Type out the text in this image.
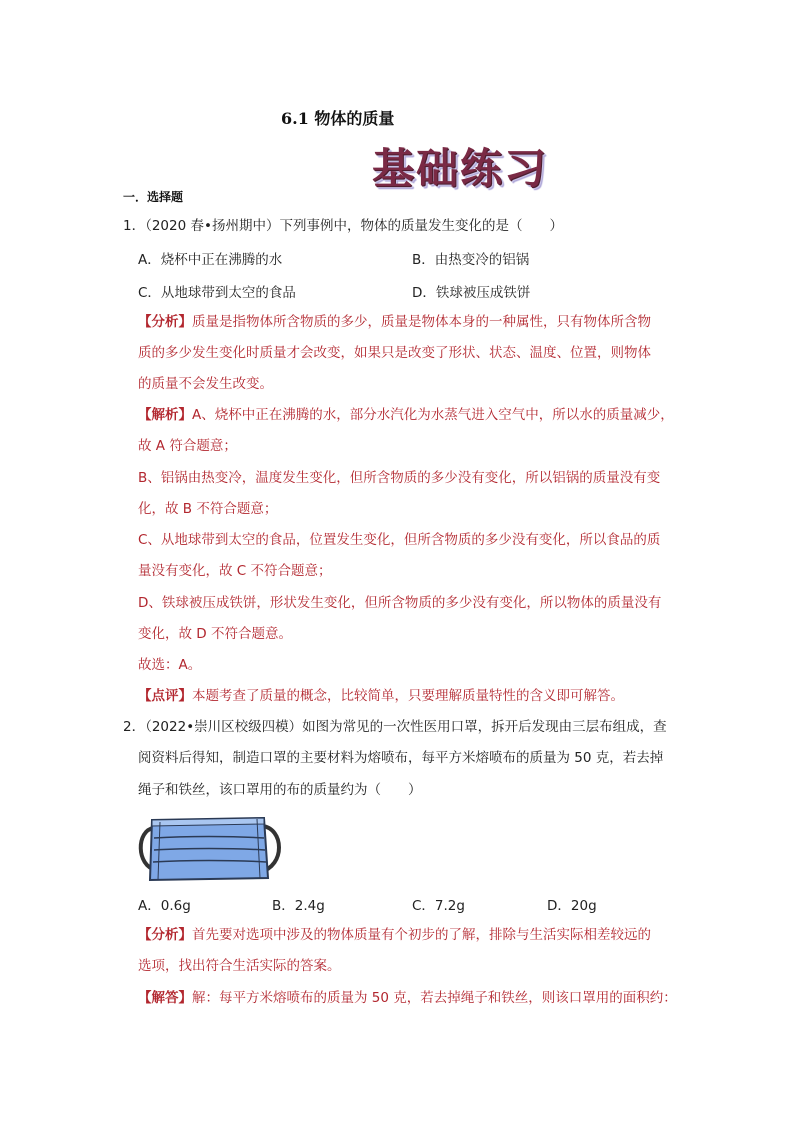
6.1 物体的质量
基础练习
一．选择题
1．（2020 春•扬州期中）下列事例中，物体的质量发生变化的是（　　）
A．烧杯中正在沸腾的水	B．由热变冷的铝锅
C．从地球带到太空的食品	D．铁球被压成铁饼
【分析】质量是指物体所含物质的多少，质量是物体本身的一种属性，只有物体所含物
质的多少发生变化时质量才会改变，如果只是改变了形状、状态、温度、位置，则物体
的质量不会发生改变。
【解析】A、烧杯中正在沸腾的水，部分水汽化为水蒸气进入空气中，所以水的质量减少，
故 A 符合题意；
B、铝锅由热变冷，温度发生变化，但所含物质的多少没有变化，所以铝锅的质量没有变
化，故 B 不符合题意；
C、从地球带到太空的食品，位置发生变化，但所含物质的多少没有变化，所以食品的质
量没有变化，故 C 不符合题意；
D、铁球被压成铁饼，形状发生变化，但所含物质的多少没有变化，所以物体的质量没有
变化，故 D 不符合题意。
故选：A。
【点评】本题考查了质量的概念，比较简单，只要理解质量特性的含义即可解答。
2．（2022•崇川区校级四模）如图为常见的一次性医用口罩，拆开后发现由三层布组成，查
阅资料后得知，制造口罩的主要材料为熔喷布，每平方米熔喷布的质量为 50 克，若去掉
绳子和铁丝，该口罩用的布的质量约为（　　）
A．0.6g	B．2.4g	C．7.2g	D．20g
【分析】首先要对选项中涉及的物体质量有个初步的了解，排除与生活实际相差较远的
选项，找出符合生活实际的答案。
【解答】解：每平方米熔喷布的质量为 50 克，若去掉绳子和铁丝，则该口罩用的面积约：
